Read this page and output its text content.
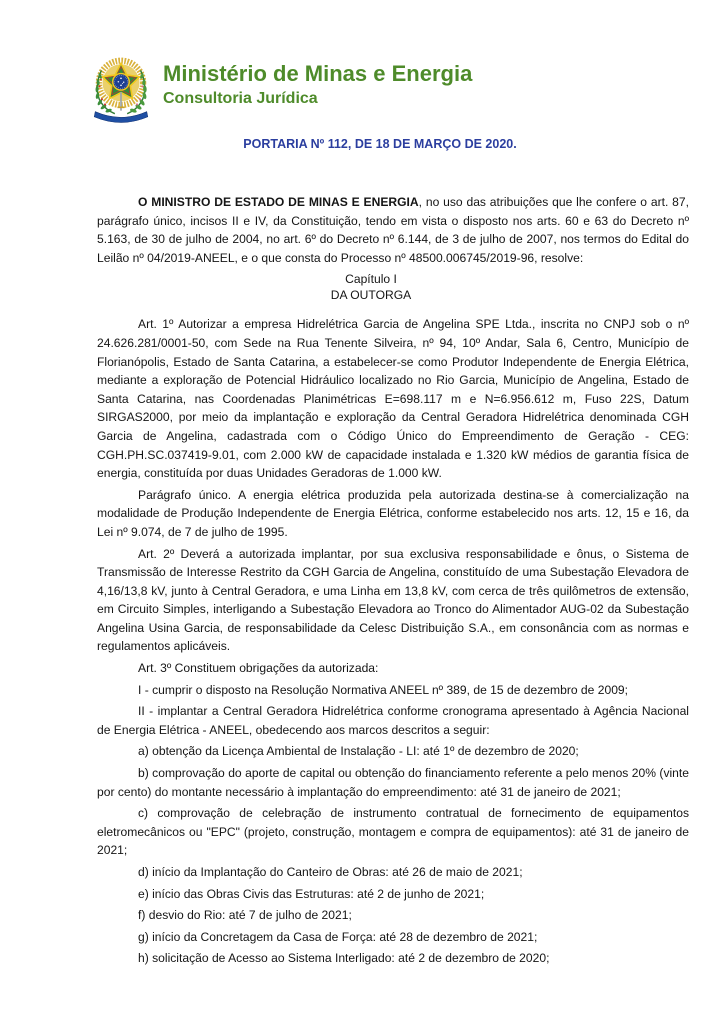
Ministério de Minas e Energia
Consultoria Jurídica
PORTARIA Nº 112, DE 18 DE MARÇO DE 2020.

O MINISTRO DE ESTADO DE MINAS E ENERGIA, no uso das atribuições que lhe confere o art. 87, parágrafo único, incisos II e IV, da Constituição, tendo em vista o disposto nos arts. 60 e 63 do Decreto nº 5.163, de 30 de julho de 2004, no art. 6º do Decreto nº 6.144, de 3 de julho de 2007, nos termos do Edital do Leilão nº 04/2019-ANEEL, e o que consta do Processo nº 48500.006745/2019-96, resolve:

Capítulo I
DA OUTORGA

Art. 1º Autorizar a empresa Hidrelétrica Garcia de Angelina SPE Ltda., inscrita no CNPJ sob o nº 24.626.281/0001-50, com Sede na Rua Tenente Silveira, nº 94, 10º Andar, Sala 6, Centro, Município de Florianópolis, Estado de Santa Catarina, a estabelecer-se como Produtor Independente de Energia Elétrica, mediante a exploração de Potencial Hidráulico localizado no Rio Garcia, Município de Angelina, Estado de Santa Catarina, nas Coordenadas Planimétricas E=698.117 m e N=6.956.612 m, Fuso 22S, Datum SIRGAS2000, por meio da implantação e exploração da Central Geradora Hidrelétrica denominada CGH Garcia de Angelina, cadastrada com o Código Único do Empreendimento de Geração - CEG: CGH.PH.SC.037419-9.01, com 2.000 kW de capacidade instalada e 1.320 kW médios de garantia física de energia, constituída por duas Unidades Geradoras de 1.000 kW.

Parágrafo único. A energia elétrica produzida pela autorizada destina-se à comercialização na modalidade de Produção Independente de Energia Elétrica, conforme estabelecido nos arts. 12, 15 e 16, da Lei nº 9.074, de 7 de julho de 1995.

Art. 2º Deverá a autorizada implantar, por sua exclusiva responsabilidade e ônus, o Sistema de Transmissão de Interesse Restrito da CGH Garcia de Angelina, constituído de uma Subestação Elevadora de 4,16/13,8 kV, junto à Central Geradora, e uma Linha em 13,8 kV, com cerca de três quilômetros de extensão, em Circuito Simples, interligando a Subestação Elevadora ao Tronco do Alimentador AUG-02 da Subestação Angelina Usina Garcia, de responsabilidade da Celesc Distribuição S.A., em consonância com as normas e regulamentos aplicáveis.

Art. 3º Constituem obrigações da autorizada:

I - cumprir o disposto na Resolução Normativa ANEEL nº 389, de 15 de dezembro de 2009;

II - implantar a Central Geradora Hidrelétrica conforme cronograma apresentado à Agência Nacional de Energia Elétrica - ANEEL, obedecendo aos marcos descritos a seguir:

a) obtenção da Licença Ambiental de Instalação - LI: até 1º de dezembro de 2020;

b) comprovação do aporte de capital ou obtenção do financiamento referente a pelo menos 20% (vinte por cento) do montante necessário à implantação do empreendimento: até 31 de janeiro de 2021;

c) comprovação de celebração de instrumento contratual de fornecimento de equipamentos eletromecânicos ou "EPC" (projeto, construção, montagem e compra de equipamentos): até 31 de janeiro de 2021;

d) início da Implantação do Canteiro de Obras: até 26 de maio de 2021;

e) início das Obras Civis das Estruturas: até 2 de junho de 2021;

f) desvio do Rio: até 7 de julho de 2021;

g) início da Concretagem da Casa de Força: até 28 de dezembro de 2021;

h) solicitação de Acesso ao Sistema Interligado: até 2 de dezembro de 2020;
